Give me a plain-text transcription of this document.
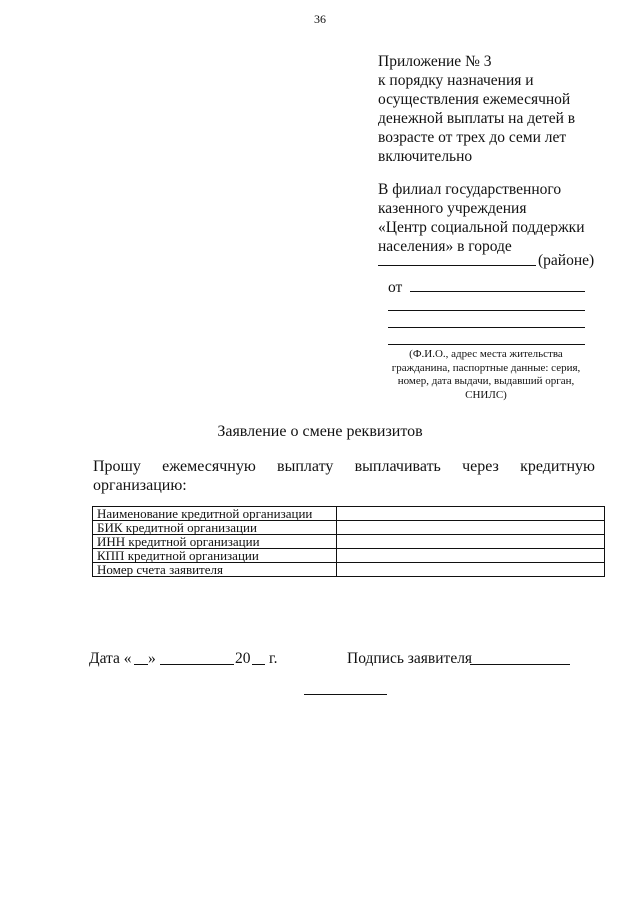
36
Приложение № 3
к порядку назначения и
осуществления ежемесячной
денежной выплаты на детей в
возрасте от трех до семи лет
включительно
В филиал государственного
казенного учреждения
«Центр социальной поддержки
населения» в городе
(районе)
от
(Ф.И.О., адрес места жительства
гражданина, паспортные данные: серия,
номер, дата выдачи, выдавший орган,
СНИЛС)
Заявление о смене реквизитов
Прошу ежемесячную выплату выплачивать через кредитную
организацию:
Наименование кредитной организации	
БИК кредитной организации	
ИНН кредитной организации	
КПП кредитной организации	
Номер счета заявителя	
Дата « »	20 г.	Подпись заявителя
